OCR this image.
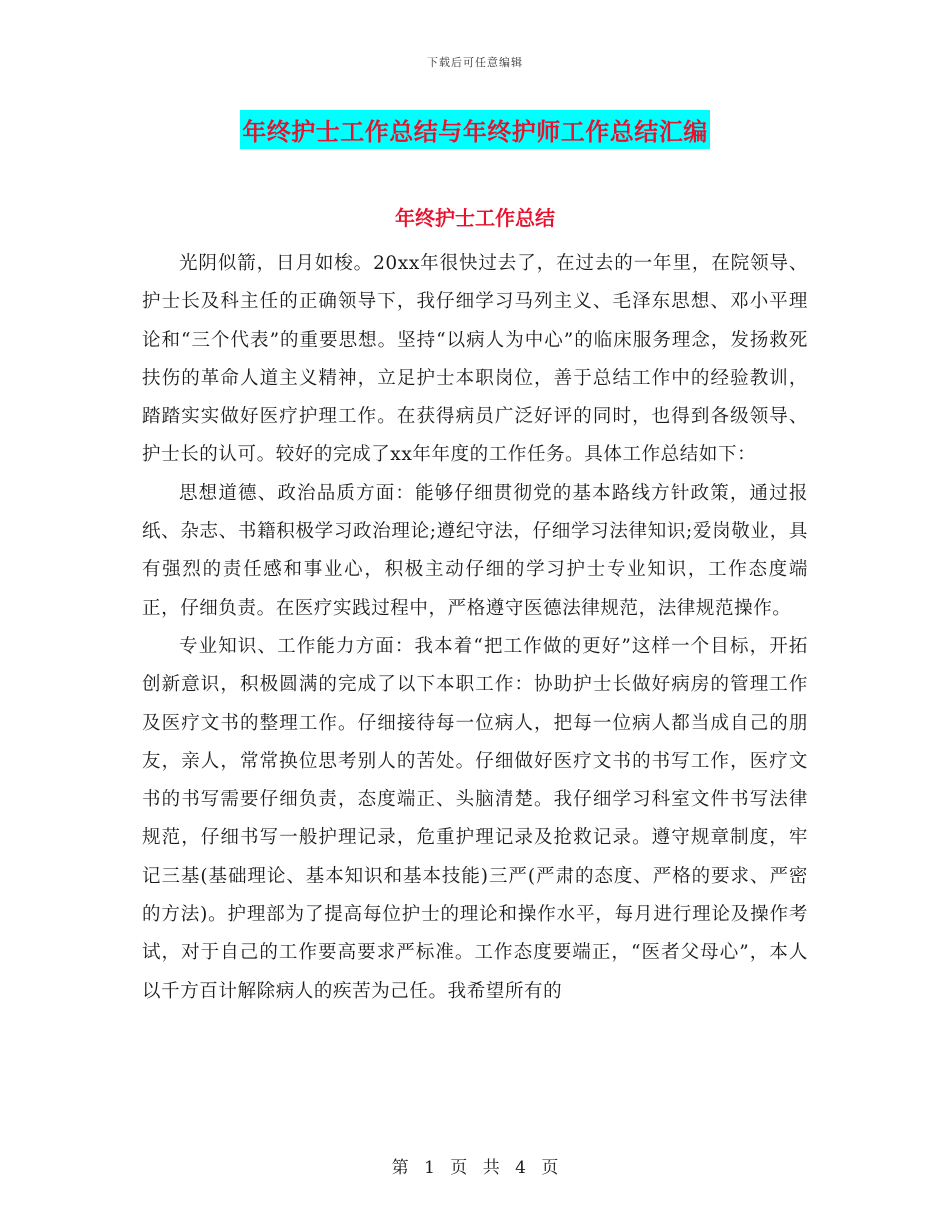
下载后可任意编辑
年终护士工作总结与年终护师工作总结汇编
年终护士工作总结

光阴似箭，日月如梭。20xx年很快过去了，在过去的一年里，在院领导、护士长及科主任的正确领导下，我仔细学习马列主义、毛泽东思想、邓小平理论和“三个代表”的重要思想。坚持“以病人为中心”的临床服务理念，发扬救死扶伤的革命人道主义精神，立足护士本职岗位，善于总结工作中的经验教训，踏踏实实做好医疗护理工作。在获得病员广泛好评的同时，也得到各级领导、护士长的认可。较好的完成了xx年年度的工作任务。具体工作总结如下：

思想道德、政治品质方面：能够仔细贯彻党的基本路线方针政策，通过报纸、杂志、书籍积极学习政治理论;遵纪守法，仔细学习法律知识;爱岗敬业，具有强烈的责任感和事业心，积极主动仔细的学习护士专业知识，工作态度端正，仔细负责。在医疗实践过程中，严格遵守医德法律规范，法律规范操作。

专业知识、工作能力方面：我本着“把工作做的更好”这样一个目标，开拓创新意识，积极圆满的完成了以下本职工作：协助护士长做好病房的管理工作及医疗文书的整理工作。仔细接待每一位病人，把每一位病人都当成自己的朋友，亲人，常常换位思考别人的苦处。仔细做好医疗文书的书写工作，医疗文书的书写需要仔细负责，态度端正、头脑清楚。我仔细学习科室文件书写法律规范，仔细书写一般护理记录，危重护理记录及抢救记录。遵守规章制度，牢记三基(基础理论、基本知识和基本技能)三严(严肃的态度、严格的要求、严密的方法)。护理部为了提高每位护士的理论和操作水平，每月进行理论及操作考试，对于自己的工作要高要求严标准。工作态度要端正，“医者父母心”，本人以千方百计解除病人的疾苦为己任。我希望所有的

第 1 页 共 4 页
